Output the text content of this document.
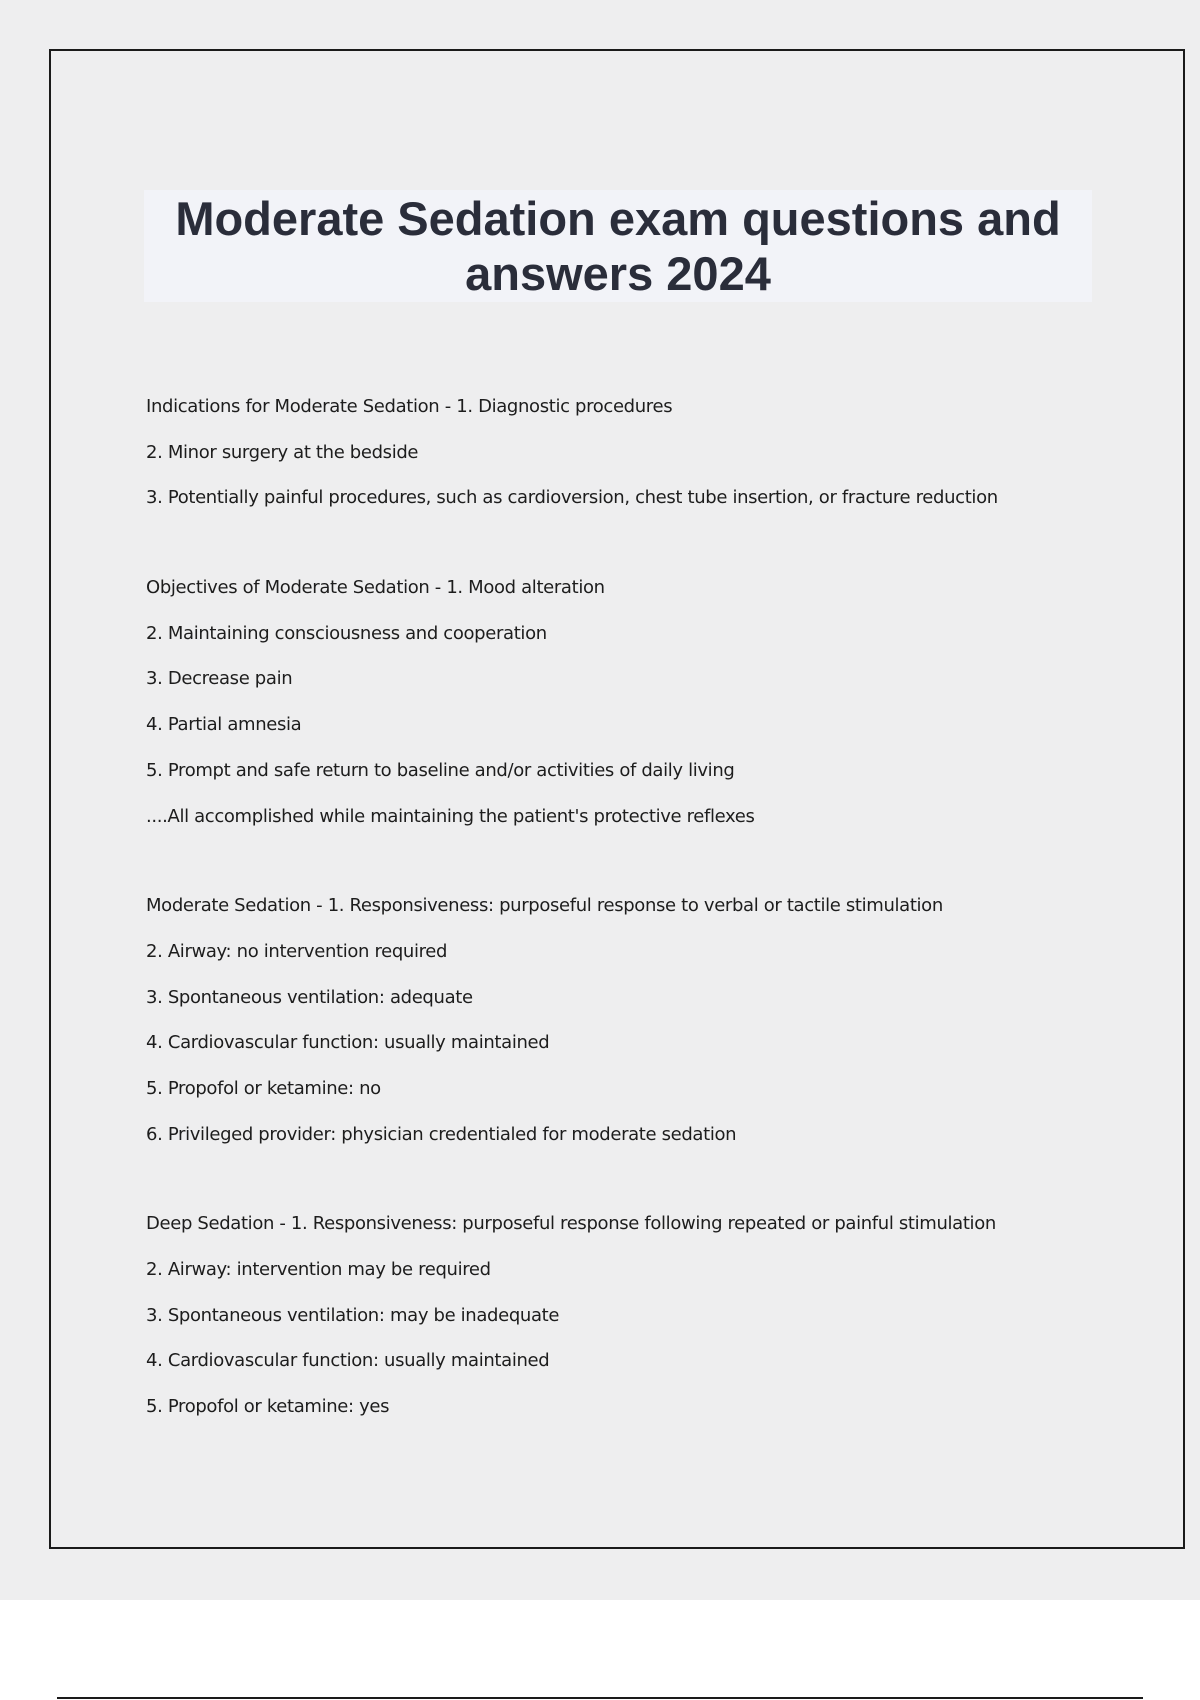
Moderate Sedation exam questions and answers 2024
Indications for Moderate Sedation - 1. Diagnostic procedures
2. Minor surgery at the bedside
3. Potentially painful procedures, such as cardioversion, chest tube insertion, or fracture reduction
Objectives of Moderate Sedation - 1. Mood alteration
2. Maintaining consciousness and cooperation
3. Decrease pain
4. Partial amnesia
5. Prompt and safe return to baseline and/or activities of daily living
....All accomplished while maintaining the patient's protective reflexes
Moderate Sedation - 1. Responsiveness: purposeful response to verbal or tactile stimulation
2. Airway: no intervention required
3. Spontaneous ventilation: adequate
4. Cardiovascular function: usually maintained
5. Propofol or ketamine: no
6. Privileged provider: physician credentialed for moderate sedation
Deep Sedation - 1. Responsiveness: purposeful response following repeated or painful stimulation
2. Airway: intervention may be required
3. Spontaneous ventilation: may be inadequate
4. Cardiovascular function: usually maintained
5. Propofol or ketamine: yes
